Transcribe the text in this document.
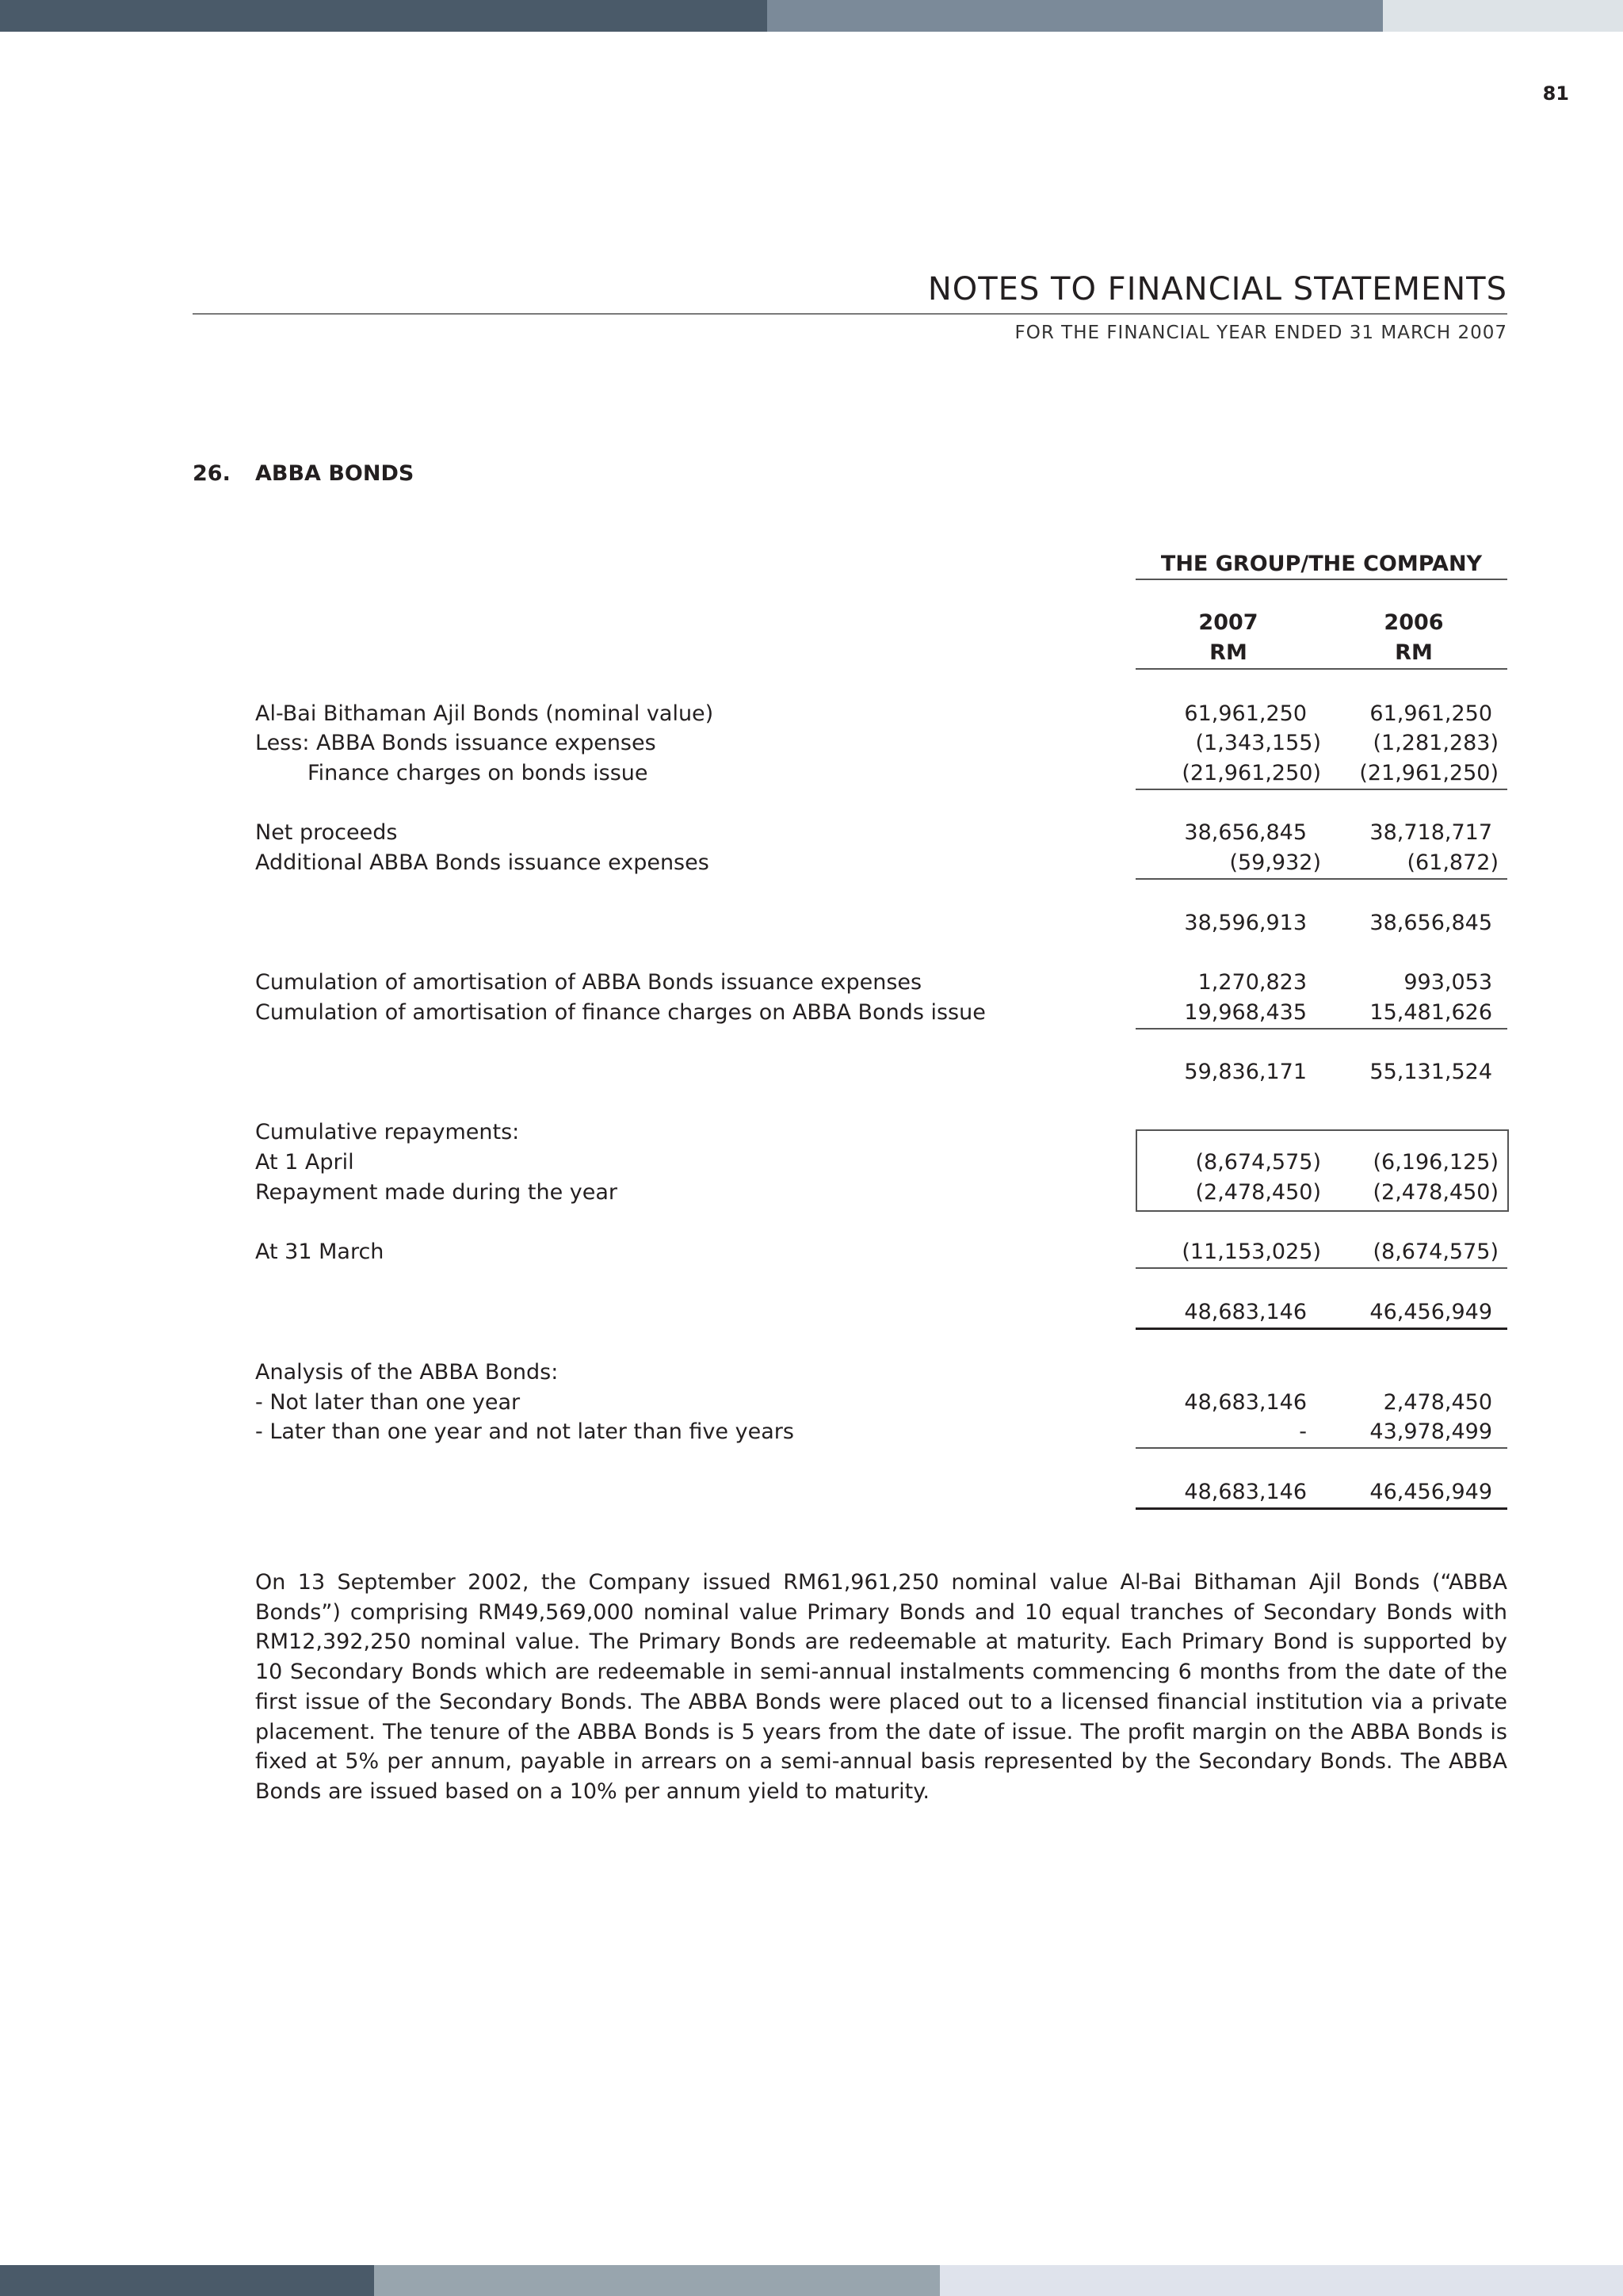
81
NOTES TO FINANCIAL STATEMENTS
FOR THE FINANCIAL YEAR ENDED 31 MARCH 2007
26. ABBA BONDS
THE GROUP/THE COMPANY
2007
RM
2006
RM
Al-Bai Bithaman Ajil Bonds (nominal value)	61,961,250	61,961,250
Less: ABBA Bonds issuance expenses	(1,343,155) (1,281,283)
Finance charges on bonds issue	(21,961,250) (21,961,250)
Net proceeds	38,656,845	38,718,717
Additional ABBA Bonds issuance expenses	(59,932)	(61,872)
38,596,913	38,656,845
Cumulation of amortisation of ABBA Bonds issuance expenses	1,270,823	993,053
Cumulation of amortisation of finance charges on ABBA Bonds issue	19,968,435	15,481,626
59,836,171	55,131,524
Cumulative repayments:
At 1 April	(8,674,575) (6,196,125)
Repayment made during the year	(2,478,450) (2,478,450)
At 31 March	(11,153,025) (8,674,575)
48,683,146	46,456,949
Analysis of the ABBA Bonds:
- Not later than one year	48,683,146	2,478,450
- Later than one year and not later than five years	-	43,978,499
48,683,146	46,456,949
On 13 September 2002, the Company issued RM61,961,250 nominal value Al-Bai Bithaman Ajil Bonds (“ABBA Bonds”) comprising RM49,569,000 nominal value Primary Bonds and 10 equal tranches of Secondary Bonds with RM12,392,250 nominal value. The Primary Bonds are redeemable at maturity. Each Primary Bond is supported by 10 Secondary Bonds which are redeemable in semi-annual instalments commencing 6 months from the date of the first issue of the Secondary Bonds. The ABBA Bonds were placed out to a licensed financial institution via a private placement. The tenure of the ABBA Bonds is 5 years from the date of issue. The profit margin on the ABBA Bonds is fixed at 5% per annum, payable in arrears on a semi-annual basis represented by the Secondary Bonds. The ABBA Bonds are issued based on a 10% per annum yield to maturity.
